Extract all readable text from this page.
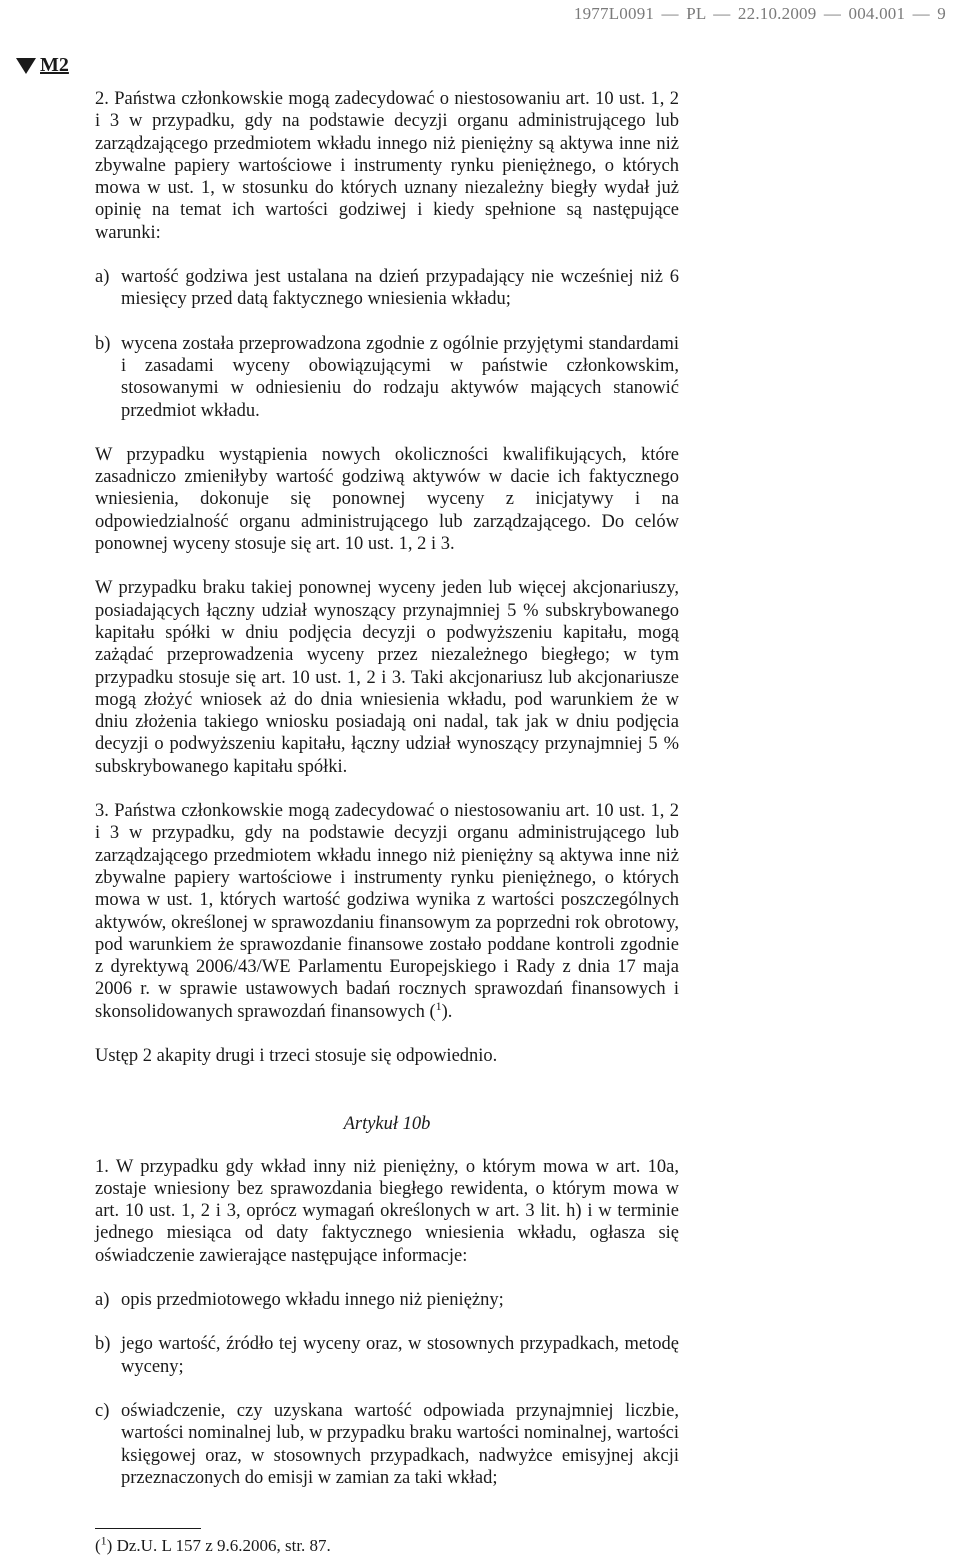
1977L0091 — PL — 22.10.2009 — 004.001 — 9
M2

2. Państwa członkowskie mogą zadecydować o niestosowaniu art. 10 ust. 1, 2 i 3 w przypadku, gdy na podstawie decyzji organu administrującego lub zarządzającego przedmiotem wkładu innego niż pieniężny są aktywa inne niż zbywalne papiery wartościowe i instrumenty rynku pieniężnego, o których mowa w ust. 1, w stosunku do których uznany niezależny biegły wydał już opinię na temat ich wartości godziwej i kiedy spełnione są następujące warunki:

a) wartość godziwa jest ustalana na dzień przypadający nie wcześniej niż 6 miesięcy przed datą faktycznego wniesienia wkładu;
b) wycena została przeprowadzona zgodnie z ogólnie przyjętymi standardami i zasadami wyceny obowiązującymi w państwie członkowskim, stosowanymi w odniesieniu do rodzaju aktywów mających stanowić przedmiot wkładu.

W przypadku wystąpienia nowych okoliczności kwalifikujących, które zasadniczo zmieniłyby wartość godziwą aktywów w dacie ich faktycznego wniesienia, dokonuje się ponownej wyceny z inicjatywy i na odpowiedzialność organu administrującego lub zarządzającego. Do celów ponownej wyceny stosuje się art. 10 ust. 1, 2 i 3.

W przypadku braku takiej ponownej wyceny jeden lub więcej akcjonariuszy, posiadających łączny udział wynoszący przynajmniej 5 % subskrybowanego kapitału spółki w dniu podjęcia decyzji o podwyższeniu kapitału, mogą zażądać przeprowadzenia wyceny przez niezależnego biegłego; w tym przypadku stosuje się art. 10 ust. 1, 2 i 3. Taki akcjonariusz lub akcjonariusze mogą złożyć wniosek aż do dnia wniesienia wkładu, pod warunkiem że w dniu złożenia takiego wniosku posiadają oni nadal, tak jak w dniu podjęcia decyzji o podwyższeniu kapitału, łączny udział wynoszący przynajmniej 5 % subskrybowanego kapitału spółki.

3. Państwa członkowskie mogą zadecydować o niestosowaniu art. 10 ust. 1, 2 i 3 w przypadku, gdy na podstawie decyzji organu administrującego lub zarządzającego przedmiotem wkładu innego niż pieniężny są aktywa inne niż zbywalne papiery wartościowe i instrumenty rynku pieniężnego, o których mowa w ust. 1, których wartość godziwa wynika z wartości poszczególnych aktywów, określonej w sprawozdaniu finansowym za poprzedni rok obrotowy, pod warunkiem że sprawozdanie finansowe zostało poddane kontroli zgodnie z dyrektywą 2006/43/WE Parlamentu Europejskiego i Rady z dnia 17 maja 2006 r. w sprawie ustawowych badań rocznych sprawozdań finansowych i skonsolidowanych sprawozdań finansowych ($^1$).

Ustęp 2 akapity drugi i trzeci stosuje się odpowiednio.

Artykuł 10b

1. W przypadku gdy wkład inny niż pieniężny, o którym mowa w art. 10a, zostaje wniesiony bez sprawozdania biegłego rewidenta, o którym mowa w art. 10 ust. 1, 2 i 3, oprócz wymagań określonych w art. 3 lit. h) i w terminie jednego miesiąca od daty faktycznego wniesienia wkładu, ogłasza się oświadczenie zawierające następujące informacje:

a) opis przedmiotowego wkładu innego niż pieniężny;
b) jego wartość, źródło tej wyceny oraz, w stosownych przypadkach, metodę wyceny;
c) oświadczenie, czy uzyskana wartość odpowiada przynajmniej liczbie, wartości nominalnej lub, w przypadku braku wartości nominalnej, wartości księgowej oraz, w stosownych przypadkach, nadwyżce emisyjnej akcji przeznaczonych do emisji w zamian za taki wkład;
($^1$) Dz.U. L 157 z 9.6.2006, str. 87.
